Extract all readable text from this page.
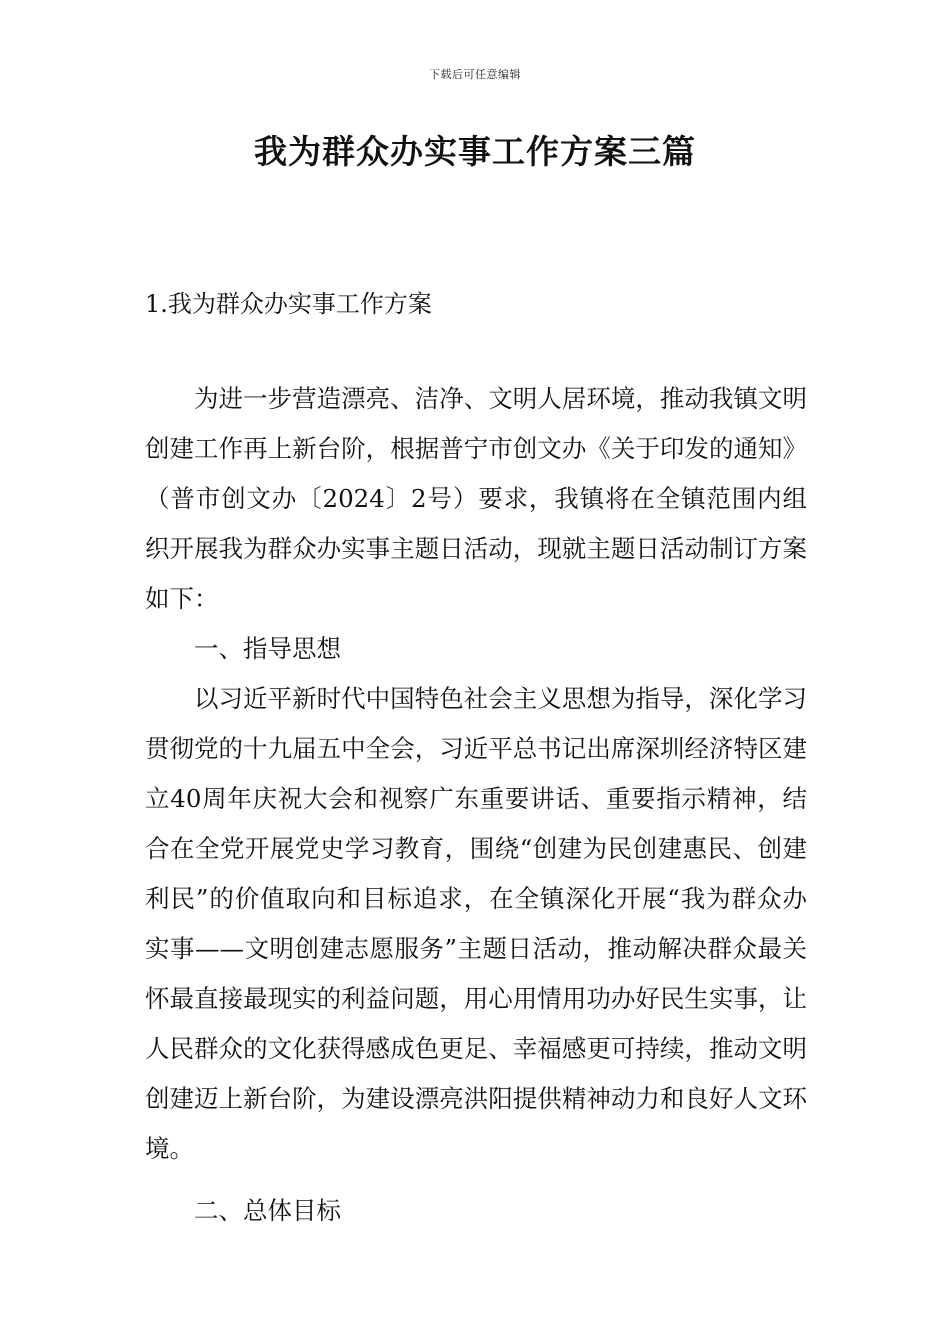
下载后可任意编辑
我为群众办实事工作方案三篇
1.我为群众办实事工作方案

为进一步营造漂亮、洁净、文明人居环境，推动我镇文明创建工作再上新台阶，根据普宁市创文办《关于印发的通知》（普市创文办〔2024〕2号）要求，我镇将在全镇范围内组织开展我为群众办实事主题日活动，现就主题日活动制订方案如下：

一、指导思想

以习近平新时代中国特色社会主义思想为指导，深化学习贯彻党的十九届五中全会，习近平总书记出席深圳经济特区建立40周年庆祝大会和视察广东重要讲话、重要指示精神，结合在全党开展党史学习教育，围绕“创建为民创建惠民、创建利民”的价值取向和目标追求，在全镇深化开展“我为群众办实事——文明创建志愿服务”主题日活动，推动解决群众最关怀最直接最现实的利益问题，用心用情用功办好民生实事，让人民群众的文化获得感成色更足、幸福感更可持续，推动文明创建迈上新台阶，为建设漂亮洪阳提供精神动力和良好人文环境。

二、总体目标
